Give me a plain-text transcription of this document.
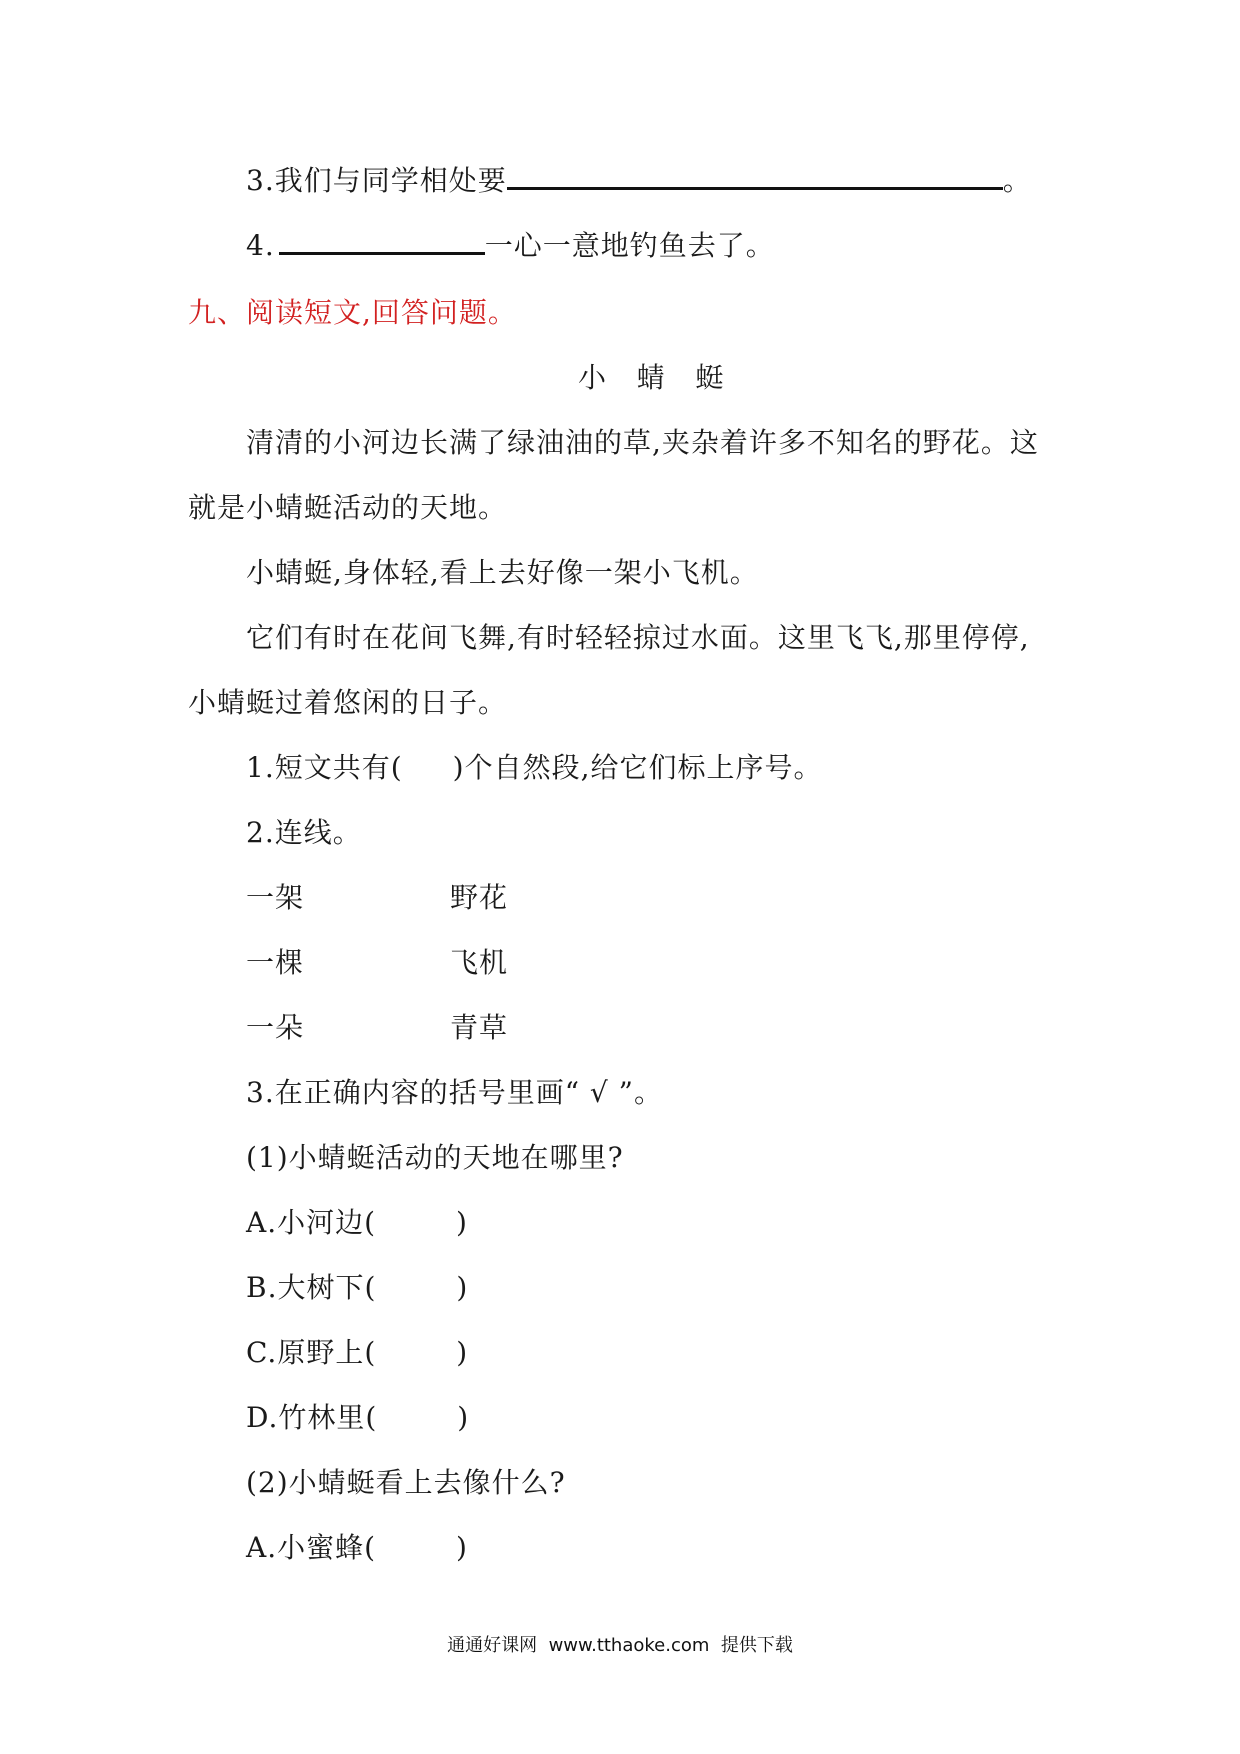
3.我们与同学相处要	。
4.	一心一意地钓鱼去了。
九、阅读短文,回答问题。
小   蜻   蜓
清清的小河边长满了绿油油的草,夹杂着许多不知名的野花。这
就是小蜻蜓活动的天地。
小蜻蜓,身体轻,看上去好像一架小飞机。
它们有时在花间飞舞,有时轻轻掠过水面。这里飞飞,那里停停,
小蜻蜓过着悠闲的日子。
1.短文共有( )个自然段,给它们标上序号。
2.连线。
一架	野花
一棵	飞机
一朵	青草
3.在正确内容的括号里画“ √ ”。
(1)小蜻蜓活动的天地在哪里?
A.小河边(	)
B.大树下(	)
C.原野上(	)
D.竹林里(	)
(2)小蜻蜓看上去像什么?
A.小蜜蜂(	)
通通好课网  www.tthaoke.com  提供下载
